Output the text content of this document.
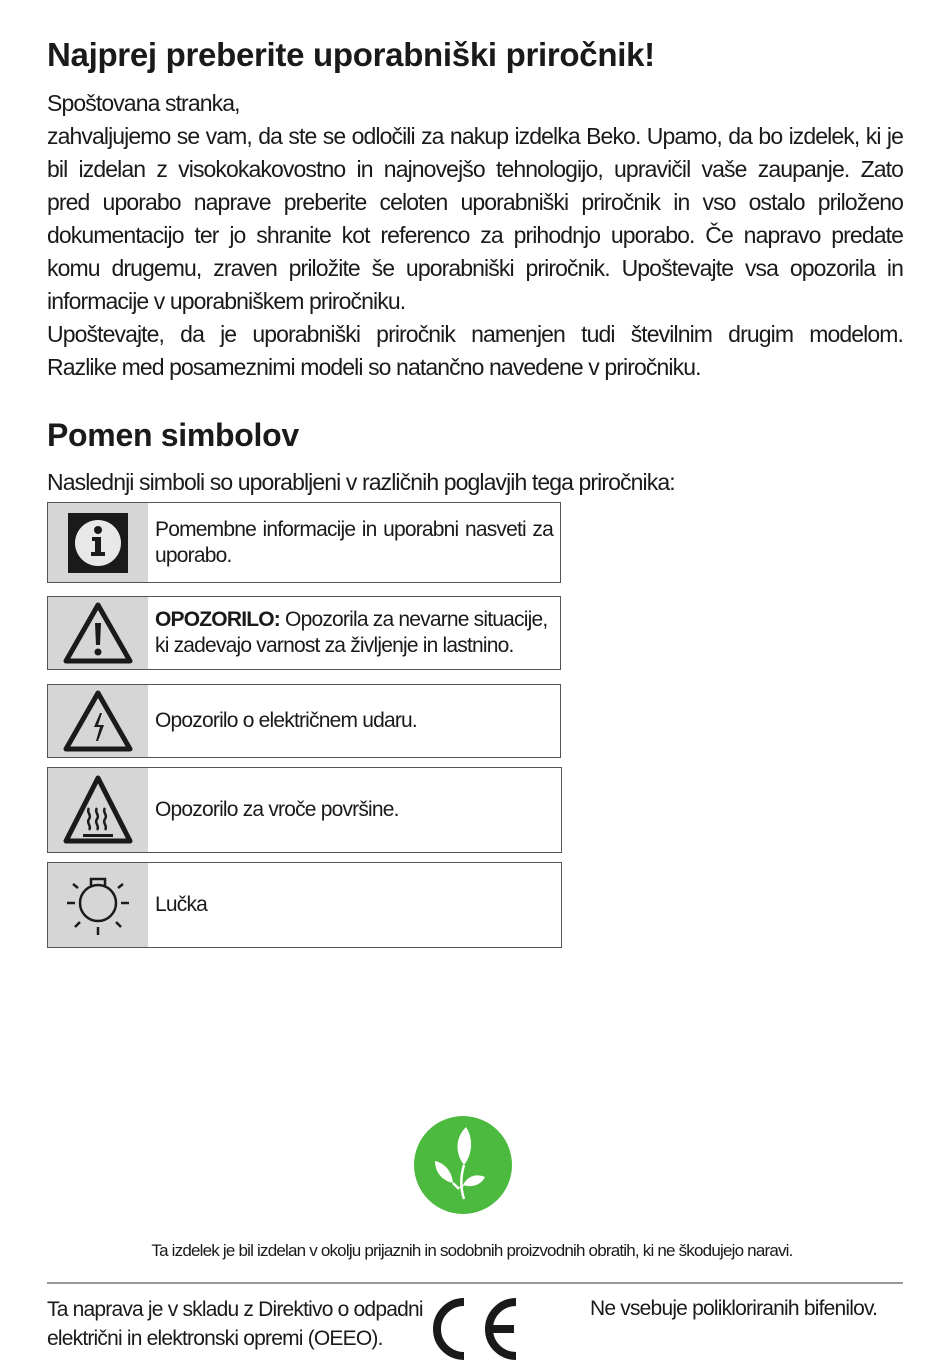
Najprej preberite uporabniški priročnik!
Spoštovana stranka,
zahvaljujemo se vam, da ste se odločili za nakup izdelka Beko. Upamo, da bo izdelek, ki je
bil izdelan z visokokakovostno in najnovejšo tehnologijo, upravičil vaše zaupanje. Zato
pred uporabo naprave preberite celoten uporabniški priročnik in vso ostalo priloženo
dokumentacijo ter jo shranite kot referenco za prihodnjo uporabo. Če napravo predate
komu drugemu, zraven priložite še uporabniški priročnik. Upoštevajte vsa opozorila in
informacije v uporabniškem priročniku.
Upoštevajte, da je uporabniški priročnik namenjen tudi številnim drugim modelom.
Razlike med posameznimi modeli so natančno navedene v priročniku.
Pomen simbolov
Naslednji simboli so uporabljeni v različnih poglavjih tega priročnika:
Pomembne informacije in uporabni nasveti za
uporabo.
OPOZORILO: Opozorila za nevarne situacije,
ki zadevajo varnost za življenje in lastnino.
Opozorilo o električnem udaru.
Opozorilo za vroče površine.
Lučka
Ta izdelek je bil izdelan v okolju prijaznih in sodobnih proizvodnih obratih, ki ne škodujejo naravi.
Ta naprava je v skladu z Direktivo o odpadni
električni in elektronski opremi (OEEO).
Ne vsebuje polikloriranih bifenilov.
